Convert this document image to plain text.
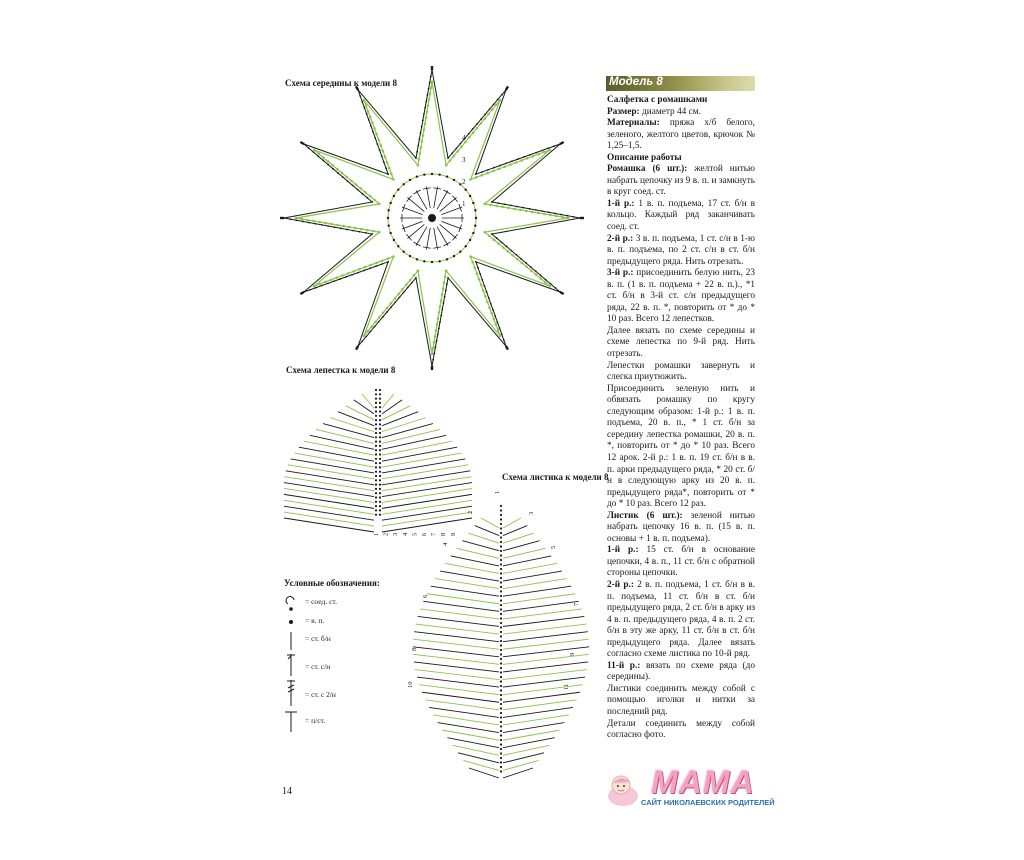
4
3
2
1
1 2 3 4 5 6 7 8 9
1
2	3
4
5
6
7
8
9
10	11
Схема середины к модели 8
Схема лепестка к модели 8
Схема листика к модели 8
Условные обозначения:
= соед. ст.
= в. п.
= ст. б/н
= ст. с/н
= ст. с 2/н
= п/ст.
14
Модель 8

Салфетка с ромашками

Размер: диаметр 44 см.

Материалы: пряжа х/б белого, зеленого, желтого цветов, крючок № 1,25–1,5.

Описание работы

Ромашка (6 шт.): желтой нитью набрать цепочку из 9 в. п. и замкнуть в круг соед. ст.

1-й р.: 1 в. п. подъема, 17 ст. б/н в кольцо. Каждый ряд заканчивать соед. ст.

2-й р.: 3 в. п. подъема, 1 ст. с/н в 1-ю в. п. подъема, по 2 ст. с/н в ст. б/н предыдущего ряда. Нить отрезать.

3-й р.: присоединить белую нить, 23 в. п. (1 в. п. подъема + 22 в. п.)., *1 ст. б/н в 3-й ст. с/н предыдущего ряда, 22 в. п. *, повторить от * до * 10 раз. Всего 12 лепестков.

Далее вязать по схеме середины и схеме лепестка по 9-й ряд. Нить отрезать.

Лепестки ромашки завернуть и слегка приутюжить.

Присоединить зеленую нить и обвязать ромашку по кругу следующим образом: 1-й р.: 1 в. п. подъема, 20 в. п., * 1 ст. б/н за середину лепестка ромашки, 20 в. п. *, повторить от * до * 10 раз. Всего 12 арок. 2-й р.: 1 в. п. 19 ст. б/н в в. п. арки предыдущего ряда, * 20 ст. б/н в следующую арку из 20 в. п. предыдущего ряда*, повторить от * до * 10 раз. Всего 12 раз.

Листик (6 шт.): зеленой нитью набрать цепочку 16 в. п. (15 в. п. основы + 1 в. п. подъема).

1-й р.: 15 ст. б/н в основание цепочки, 4 в. п., 11 ст. б/н с обратной стороны цепочки.

2-й р.: 2 в. п. подъема, 1 ст. б/н в в. п. подъема, 11 ст. б/н в ст. б/н предыдущего ряда, 2 ст. б/н в арку из 4 в. п. предыдущего ряда, 4 в. п. 2 ст. б/н в эту же арку, 11 ст. б/н в ст. б/н предыдущего ряда. Далее вязать согласно схеме листика по 10-й ряд.

11-й р.: вязать по схеме ряда (до середины).

Листики соединить между собой с помощью иголки и нитки за последний ряд.

Детали соединить между собой согласно фото.

МАМА
САЙТ НИКОЛАЕВСКИХ РОДИТЕЛЕЙ
